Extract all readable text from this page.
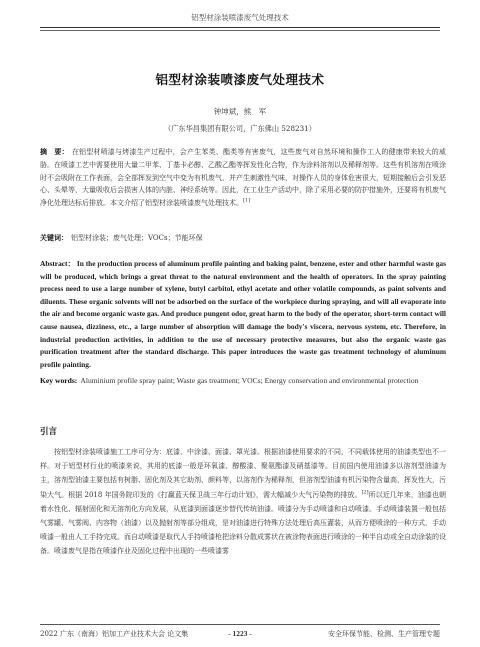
铝型材涂装喷漆废气处理技术
铝型材涂装喷漆废气处理技术
钟坤斌，熊　军
（广东华昌集团有限公司，广东佛山 528231）
摘　要： 在铝型材喷漆与烤漆生产过程中，会产生苯类、酯类等有害废气，这些废气对自然环境和操作工人的健康带来较大的威胁。在喷漆工艺中需要使用大量二甲苯、丁基卡必醇、乙酸乙酯等挥发性化合物，作为涂料溶剂以及稀释剂等。这些有机溶剂在喷涂时不会吸附在工作表面，会全部挥发到空气中变为有机废气，并产生刺激性气味，对操作人员的身体危害很大，短期接触后会引发恶心、头晕等，大量吸收后会损害人体的内脏、神经系统等。因此，在工业生产活动中，除了采用必要的防护措施外，还要将有机废气净化处理达标后排放。本文介绍了铝型材涂装喷漆废气处理技术。[1]
关键词： 铝型材涂装；废气处理；VOCs；节能环保
Abstract： In the production process of aluminum profile painting and baking paint, benzene, ester and other harmful waste gas will be produced, which brings a great threat to the natural environment and the health of operators. In the spray painting process need to use a large number of xylene, butyl carbitol, ethyl acetate and other volatile compounds, as paint solvents and diluents. These organic solvents will not be adsorbed on the surface of the workpiece during spraying, and will all evaporate into the air and become organic waste gas. And produce pungent odor, great harm to the body of the operator, short-term contact will cause nausea, dizziness, etc., a large number of absorption will damage the body's viscera, nervous system, etc. Therefore, in industrial production activities, in addition to the use of necessary protective measures, but also the organic waste gas purification treatment after the standard discharge. This paper introduces the waste gas treatment technology of aluminum profile painting.
Key words: Aluminium profile spray paint; Waste gas treatment; VOCs; Energy conservation and environmental protection
引言
按铝型材涂装喷漆施工工序可分为：底漆、中涂漆、面漆、罩光漆。根据油漆使用要求的不同，不同载体使用的油漆类型也不一样。对于铝型材行业的喷漆来说，其用的底漆一般是环氧漆、醇酸漆、聚氨酯漆及硝基漆等。目前国内使用油漆多以溶剂型油漆为主，溶剂型油漆主要包括有树脂、固化剂及其它助剂、颜料等，以溶剂作为稀释剂，但溶剂型油漆有机污染物含量高，挥发性大，污染大气。根据 2018 年国务院印发的《打赢蓝天保卫战三年行动计划》，需大幅减少大气污染物的排放。[2]所以近几年来，油漆也朝着水性化、辐射固化和无溶剂化方向发展，从底漆到面漆逐步替代传统油漆。喷漆分为手动喷漆和自动喷漆。手动喷漆装置一般包括气雾罐、气雾阀、内容物（油漆）以及抛射剂等部分组成，是对油漆进行特殊方法处理后高压灌装，从而方便喷涂的一种方式，手动喷漆一般由人工手持完成。而自动喷漆是取代人手持喷漆枪把涂料分散成雾状在被涂物表面进行喷涂的一种半自动或全自动涂装的设备。喷漆废气是指在喷漆作业及固化过程中出现的一些喷漆雾
2022 广东（南海）铝加工产业技术大会 论文集	- 1223 -	安全环保节能、检测、生产管理专题
